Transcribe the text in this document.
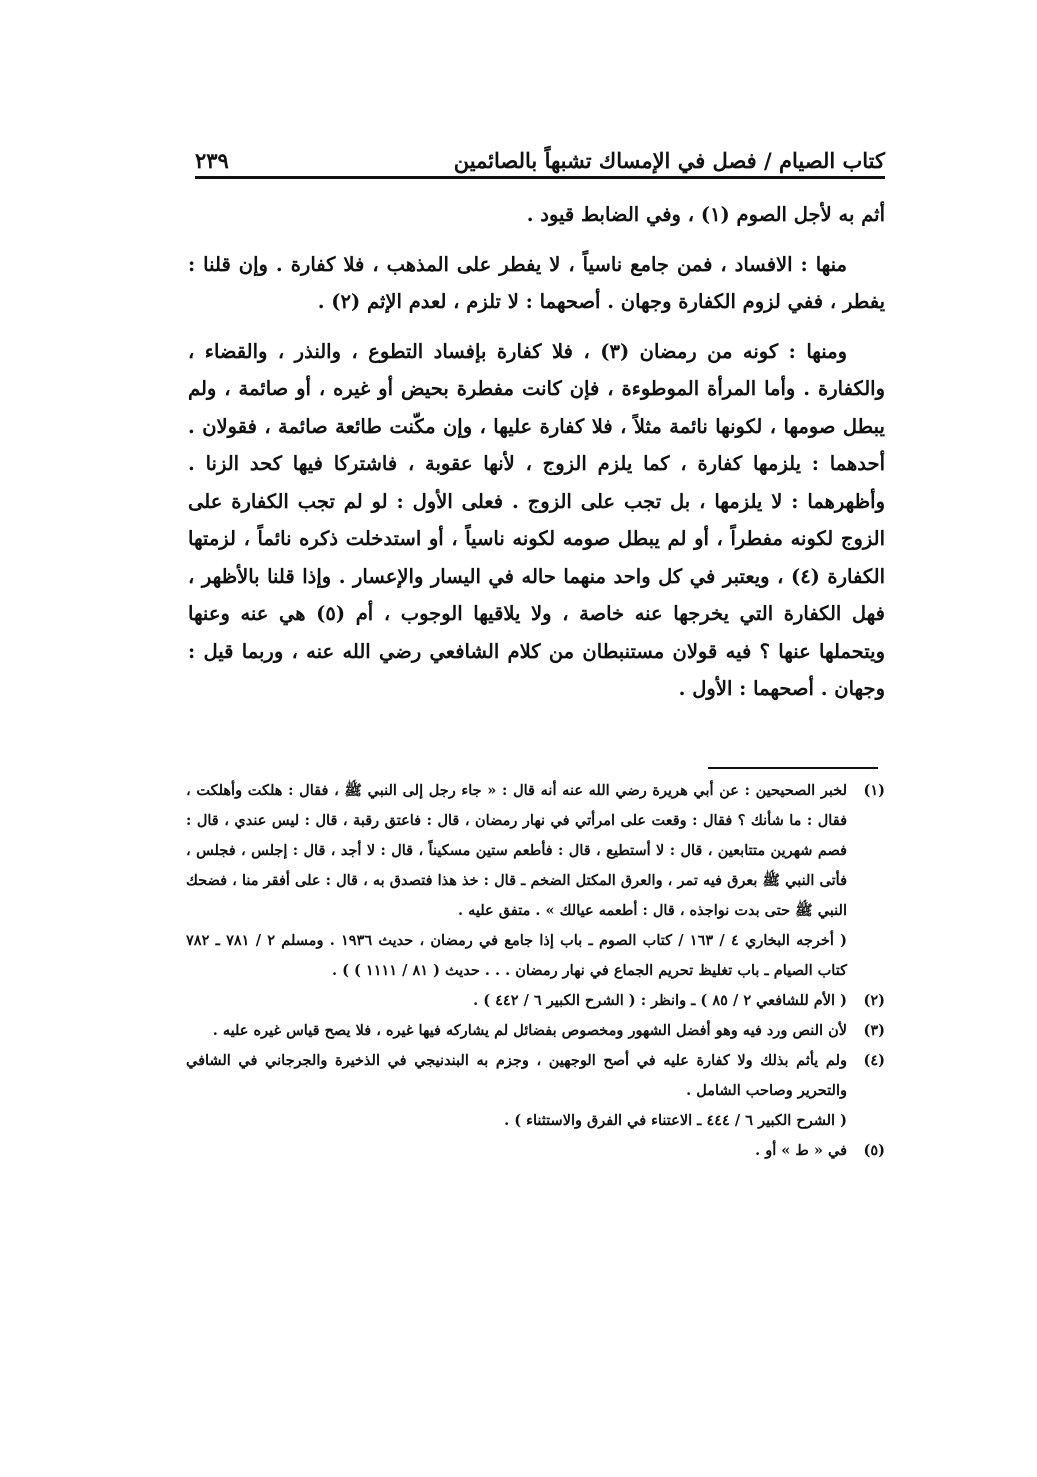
كتاب الصيام / فصل في الإمساك تشبهاً بالصائمين
٢٣٩

أثم به لأجل الصوم (١) ، وفي الضابط قيود .

منها : الافساد ، فمن جامع ناسياً ، لا يفطر على المذهب ، فلا كفارة . وإن قلنا : يفطر ، ففي لزوم الكفارة وجهان . أصحهما : لا تلزم ، لعدم الإثم (٢) .

ومنها : كونه من رمضان (٣) ، فلا كفارة بإفساد التطوع ، والنذر ، والقضاء ، والكفارة . وأما المرأة الموطوءة ، فإن كانت مفطرة بحيض أو غيره ، أو صائمة ، ولم يبطل صومها ، لكونها نائمة مثلاً ، فلا كفارة عليها ، وإن مكّنت طائعة صائمة ، فقولان . أحدهما : يلزمها كفارة ، كما يلزم الزوج ، لأنها عقوبة ، فاشتركا فيها كحد الزنا . وأظهرهما : لا يلزمها ، بل تجب على الزوج . فعلى الأول : لو لم تجب الكفارة على الزوج لكونه مفطراً ، أو لم يبطل صومه لكونه ناسياً ، أو استدخلت ذكره نائماً ، لزمتها الكفارة (٤) ، ويعتبر في كل واحد منهما حاله في اليسار والإعسار . وإذا قلنا بالأظهر ، فهل الكفارة التي يخرجها عنه خاصة ، ولا يلاقيها الوجوب ، أم (٥) هي عنه وعنها ويتحملها عنها ؟ فيه قولان مستنبطان من كلام الشافعي رضي الله عنه ، وربما قيل : وجهان . أصحهما : الأول .

(١)

لخبر الصحيحين : عن أبي هريرة رضي الله عنه أنه قال : « جاء رجل إلى النبي ﷺ ، فقال : هلكت وأهلكت ، فقال : ما شأنك ؟ فقال : وقعت على امرأتي في نهار رمضان ، قال : فاعتق رقبة ، قال : ليس عندي ، قال : فصم شهرين متتابعين ، قال : لا أستطيع ، قال : فأطعم ستين مسكيناً ، قال : لا أجد ، قال : إجلس ، فجلس ، فأتى النبي ﷺ بعرق فيه تمر ، والعرق المكتل الضخم ـ قال : خذ هذا فتصدق به ، قال : على أفقر منا ، فضحك النبي ﷺ حتى بدت نواجذه ، قال : أطعمه عيالك » . متفق عليه .

( أخرجه البخاري ٤ / ١٦٣ / كتاب الصوم ـ باب إذا جامع في رمضان ، حديث ١٩٣٦ . ومسلم ٢ / ٧٨١ ـ ٧٨٢ كتاب الصيام ـ باب تغليظ تحريم الجماع في نهار رمضان . . . حديث ( ٨١ / ١١١١ ) ) .

(٢)

( الأم للشافعي ٢ / ٨٥ ) ـ وانظر : ( الشرح الكبير ٦ / ٤٤٢ ) .

(٣)

لأن النص ورد فيه وهو أفضل الشهور ومخصوص بفضائل لم يشاركه فيها غيره ، فلا يصح قياس غيره عليه .

(٤)

ولم يأثم بذلك ولا كفارة عليه في أصح الوجهين ، وجزم به البندنيجي في الذخيرة والجرجاني في الشافي والتحرير وصاحب الشامل .

( الشرح الكبير ٦ / ٤٤٤ ـ الاعتناء في الفرق والاستثناء ) .

(٥)

في « ط » أو .
